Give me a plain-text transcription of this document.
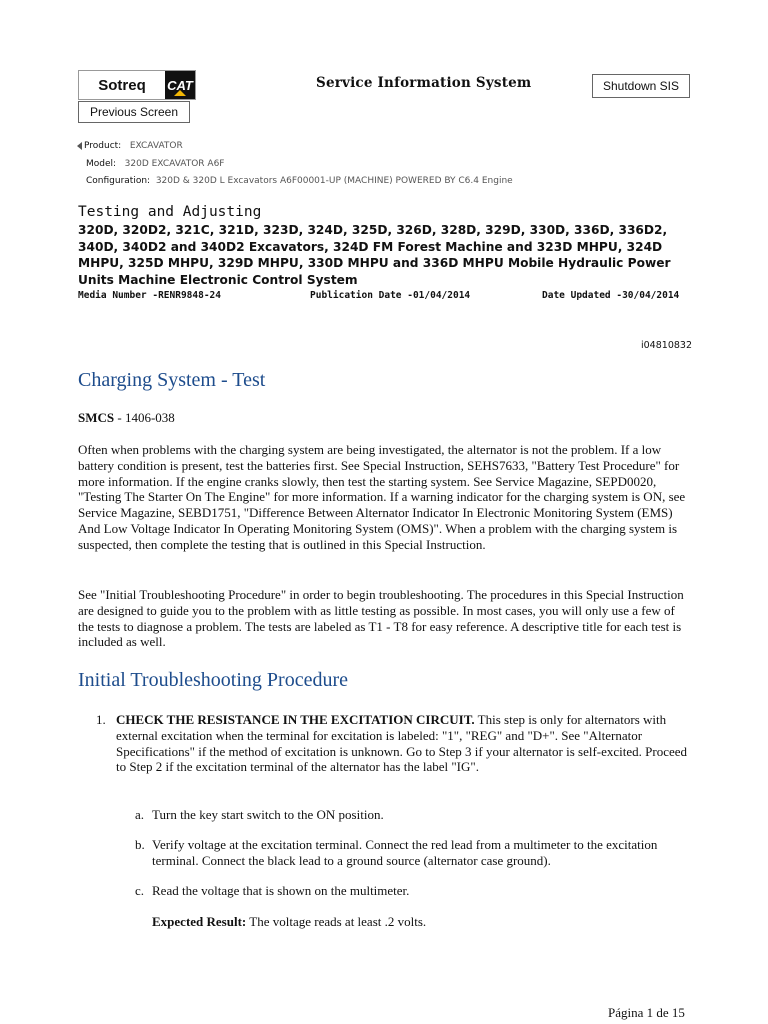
Sotreq	CAT	Service Information System	Shutdown SIS
Previous Screen
Product: EXCAVATOR
Model: 320D EXCAVATOR A6F
Configuration: 320D & 320D L Excavators A6F00001-UP (MACHINE) POWERED BY C6.4 Engine
Testing and Adjusting
320D, 320D2, 321C, 321D, 323D, 324D, 325D, 326D, 328D, 329D, 330D, 336D, 336D2, 340D, 340D2 and 340D2 Excavators, 324D FM Forest Machine and 323D MHPU, 324D MHPU, 325D MHPU, 329D MHPU, 330D MHPU and 336D MHPU Mobile Hydraulic Power Units Machine Electronic Control System
Media Number -RENR9848-24	Publication Date -01/04/2014	Date Updated -30/04/2014
i04810832
Charging System - Test
SMCS - 1406-038
Often when problems with the charging system are being investigated, the alternator is not the problem. If a low battery condition is present, test the batteries first. See Special Instruction, SEHS7633, "Battery Test Procedure" for more information. If the engine cranks slowly, then test the starting system. See Service Magazine, SEPD0020, "Testing The Starter On The Engine" for more information. If a warning indicator for the charging system is ON, see Service Magazine, SEBD1751, "Difference Between Alternator Indicator In Electronic Monitoring System (EMS) And Low Voltage Indicator In Operating Monitoring System (OMS)". When a problem with the charging system is suspected, then complete the testing that is outlined in this Special Instruction.
See "Initial Troubleshooting Procedure" in order to begin troubleshooting. The procedures in this Special Instruction are designed to guide you to the problem with as little testing as possible. In most cases, you will only use a few of the tests to diagnose a problem. The tests are labeled as T1 - T8 for easy reference. A descriptive title for each test is included as well.
Initial Troubleshooting Procedure
1. CHECK THE RESISTANCE IN THE EXCITATION CIRCUIT. This step is only for alternators with external excitation when the terminal for excitation is labeled: "1", "REG" and "D+". See "Alternator Specifications" if the method of excitation is unknown. Go to Step 3 if your alternator is self-excited. Proceed to Step 2 if the excitation terminal of the alternator has the label "IG".
a. Turn the key start switch to the ON position.
b. Verify voltage at the excitation terminal. Connect the red lead from a multimeter to the excitation terminal. Connect the black lead to a ground source (alternator case ground).
c. Read the voltage that is shown on the multimeter.
Expected Result: The voltage reads at least .2 volts.
Página 1 de 15
